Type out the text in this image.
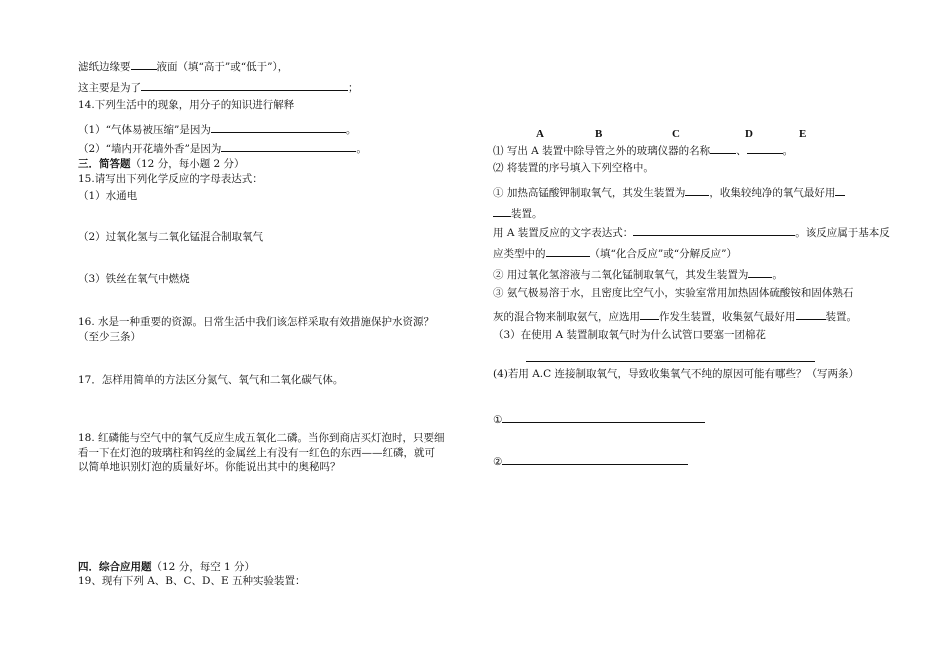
滤纸边缘要 液面（填“高于”或“低于”），
这主要是为了	；
14.下列生活中的现象，用分子的知识进行解释
（1）“气体易被压缩”是因为	。
（2）“墙内开花墙外香”是因为	。
三．简答题（12 分，每小题 2 分）
15.请写出下列化学反应的字母表达式：
（1）水通电
（2）过氧化氢与二氧化锰混合制取氧气
（3）铁丝在氧气中燃烧
16. 水是一种重要的资源。日常生活中我们该怎样采取有效措施保护水资源？
（至少三条）
17．怎样用简单的方法区分氮气、氧气和二氧化碳气体。
18. 红磷能与空气中的氧气反应生成五氧化二磷。当你到商店买灯泡时，只要细
看一下在灯泡的玻璃柱和钨丝的金属丝上有没有一红色的东西——红磷，就可
以简单地识别灯泡的质量好坏。你能说出其中的奥秘吗？
四．综合应用题（12 分，每空 1 分）
19、现有下列 A、B、C、D、E 五种实验装置：
A	B	C	D	E
⑴ 写出 A 装置中除导管之外的玻璃仪器的名称 、	。
⑵ 将装置的序号填入下列空格中。
① 加热高锰酸钾制取氧气，其发生装置为 ，收集较纯净的氧气最好用
装置。
用 A 装置反应的文字表达式：	。该反应属于基本反
应类型中的	（填“化合反应”或“分解反应”）
② 用过氧化氢溶液与二氧化锰制取氧气，其发生装置为 。
③ 氨气极易溶于水，且密度比空气小，实验室常用加热固体硫酸铵和固体熟石
灰的混合物来制取氨气，应选用 作发生装置，收集氨气最好用	装置。
（3）在使用 A 装置制取氧气时为什么试管口要塞一团棉花
(4)若用 A.C 连接制取氧气，导致收集氧气不纯的原因可能有哪些？（写两条）
①
②
